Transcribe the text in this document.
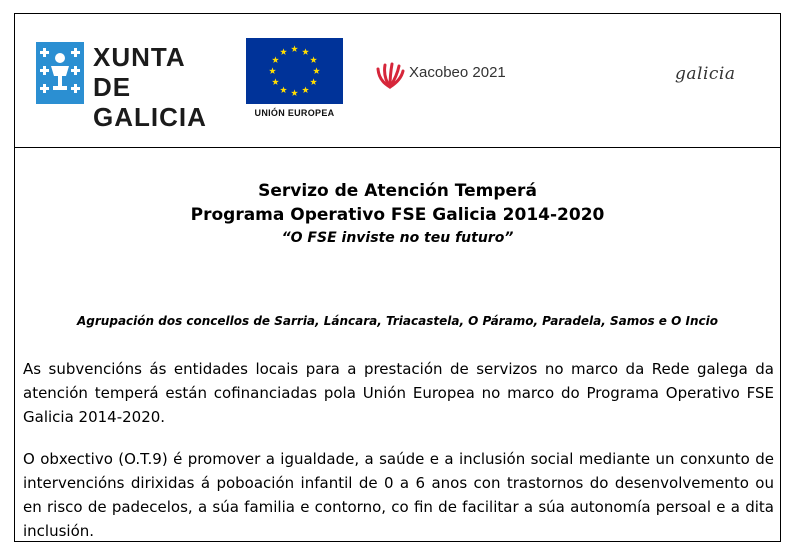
XUNTA
DE GALICIA	UNIÓN EUROPEA
Xacobeo 2021	galicia

Servizo de Atención Temperá

Programa Operativo FSE Galicia 2014-2020

“O FSE inviste no teu futuro”

Agrupación dos concellos de Sarria, Láncara, Triacastela, O Páramo, Paradela, Samos e O Incio

As subvencións ás entidades locais para a prestación de servizos no marco da Rede galega da atención temperá están cofinanciadas pola Unión Europea no marco do Programa Operativo FSE Galicia 2014-2020.

O obxectivo (O.T.9) é promover a igualdade, a saúde e a inclusión social mediante un conxunto de intervencións dirixidas á poboación infantil de 0 a 6 anos con trastornos do desenvolvemento ou en risco de padecelos, a súa familia e contorno, co fin de facilitar a súa autonomía persoal e a dita inclusión.
